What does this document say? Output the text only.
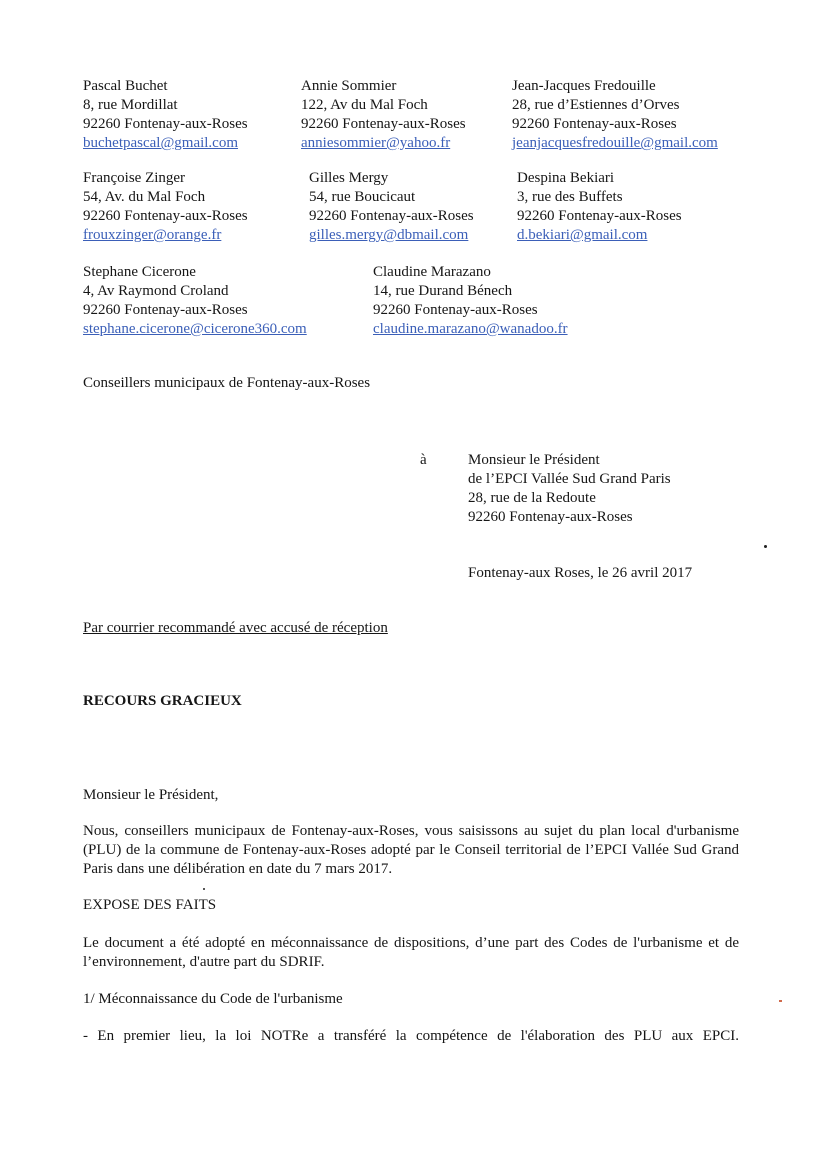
Pascal Buchet
8, rue Mordillat
92260 Fontenay-aux-Roses
buchetpascal@gmail.com
Annie Sommier
122, Av du Mal Foch
92260 Fontenay-aux-Roses
anniesommier@yahoo.fr
Jean-Jacques Fredouille
28, rue d’Estiennes d’Orves
92260 Fontenay-aux-Roses
jeanjacquesfredouille@gmail.com
Françoise Zinger
54, Av. du Mal Foch
92260 Fontenay-aux-Roses
frouxzinger@orange.fr
Gilles Mergy
54, rue Boucicaut
92260 Fontenay-aux-Roses
gilles.mergy@dbmail.com
Despina Bekiari
3, rue des Buffets
92260 Fontenay-aux-Roses
d.bekiari@gmail.com
Stephane Cicerone
4, Av Raymond Croland
92260 Fontenay-aux-Roses
stephane.cicerone@cicerone360.com
Claudine Marazano
14, rue Durand Bénech
92260 Fontenay-aux-Roses
claudine.marazano@wanadoo.fr
Conseillers municipaux de Fontenay-aux-Roses
à	Monsieur le Président
de l’EPCI Vallée Sud Grand Paris
28, rue de la Redoute
92260 Fontenay-aux-Roses
Fontenay-aux Roses, le 26 avril 2017
Par courrier recommandé avec accusé de réception
RECOURS GRACIEUX
Monsieur le Président,
Nous, conseillers municipaux de Fontenay-aux-Roses, vous saisissons au sujet du plan local d'urbanisme (PLU) de la commune de Fontenay-aux-Roses adopté par le Conseil territorial de l’EPCI Vallée Sud Grand Paris dans une délibération en date du 7 mars 2017.
EXPOSE DES FAITS
Le document a été adopté en méconnaissance de dispositions, d’une part des Codes de l'urbanisme et de l’environnement, d'autre part du SDRIF.
1/ Méconnaissance du Code de l'urbanisme
- En premier lieu, la loi NOTRe a transféré la compétence de l'élaboration des PLU aux EPCI.
